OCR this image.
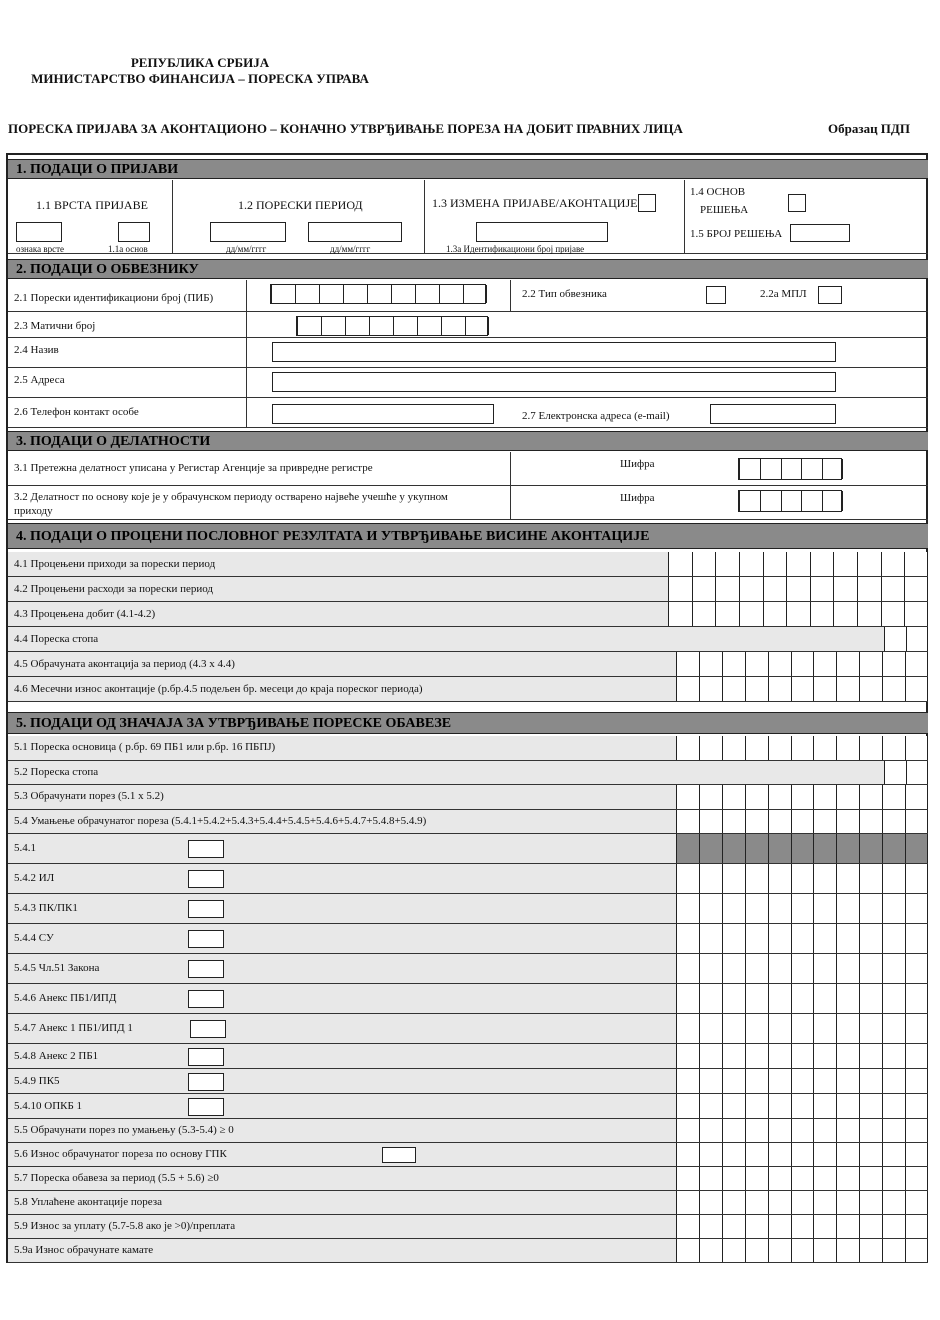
РЕПУБЛИКА СРБИЈА
МИНИСТАРСТВО ФИНАНСИЈА – ПОРЕСКА УПРАВА
ПОРЕСКА ПРИЈАВА ЗА АКОНТАЦИОНО – КОНАЧНО УТВРЂИВАЊЕ ПОРЕЗА НА ДОБИТ ПРАВНИХ ЛИЦА	Образац ПДП
1. ПОДАЦИ О ПРИЈАВИ
1.1 ВРСТА ПРИЈАВЕ
ознака врсте	1.1а основ
1.2 ПОРЕСКИ ПЕРИОД
дд/мм/гггг	дд/мм/гггг
1.3 ИЗМЕНА ПРИЈАВЕ/АКОНТАЦИЈЕ
1.3а Идентификациони број пријаве
1.4 ОСНОВ
РЕШЕЊА
1.5 БРОЈ РЕШЕЊА
2. ПОДАЦИ О ОБВЕЗНИКУ
2.1 Порески идентификациони број (ПИБ)	2.2 Тип обвезника	2.2а МПЛ
2.3 Матични број
2.4 Назив
2.5 Адреса
2.6 Телефон контакт особе	2.7 Електронска адреса (e-mail)
3. ПОДАЦИ О ДЕЛАТНОСТИ
3.1 Претежна делатност уписана у Регистар Агенције за привредне регистре	Шифра
3.2 Делатност по основу које је у обрачунском периоду остварено највеће учешће у укупном
приходу
Шифра
4. ПОДАЦИ О ПРОЦЕНИ ПОСЛОВНОГ РЕЗУЛТАТА И УТВРЂИВАЊЕ ВИСИНЕ АКОНТАЦИЈЕ
4.1 Процењени приходи за порески период
4.2 Процењени расходи за порески период
4.3 Процењена добит (4.1-4.2)
4.4 Пореска стопа
4.5 Обрачуната аконтација за период (4.3 x 4.4)
4.6 Месечни износ аконтације (р.бр.4.5 подељен бр. месеци до краја пореског периода)
5. ПОДАЦИ ОД ЗНАЧАЈА ЗА УТВРЂИВАЊЕ ПОРЕСКЕ ОБАВЕЗЕ
5.1 Пореска основица ( р.бр. 69 ПБ1 или р.бр. 16 ПБПЈ)
5.2 Пореска стопа
5.3 Обрачунати порез (5.1 x 5.2)
5.4 Умањење обрачунатог пореза (5.4.1+5.4.2+5.4.3+5.4.4+5.4.5+5.4.6+5.4.7+5.4.8+5.4.9)
5.4.1
5.4.2 ИЛ
5.4.3 ПК/ПК1
5.4.4 СУ
5.4.5 Чл.51 Закона
5.4.6 Анекс ПБ1/ИПД
5.4.7 Анекс 1 ПБ1/ИПД 1
5.4.8 Анекс 2 ПБ1
5.4.9 ПК5
5.4.10 ОПКБ 1
5.5 Обрачунати порез по умањењу (5.3-5.4) ≥ 0
5.6 Износ обрачунатог пореза по основу ГПК
5.7 Пореска обавеза за период (5.5 + 5.6) ≥0
5.8 Уплаћене аконтације пореза
5.9 Износ за уплату (5.7-5.8 ако је >0)/преплата
5.9а Износ обрачунате камате
